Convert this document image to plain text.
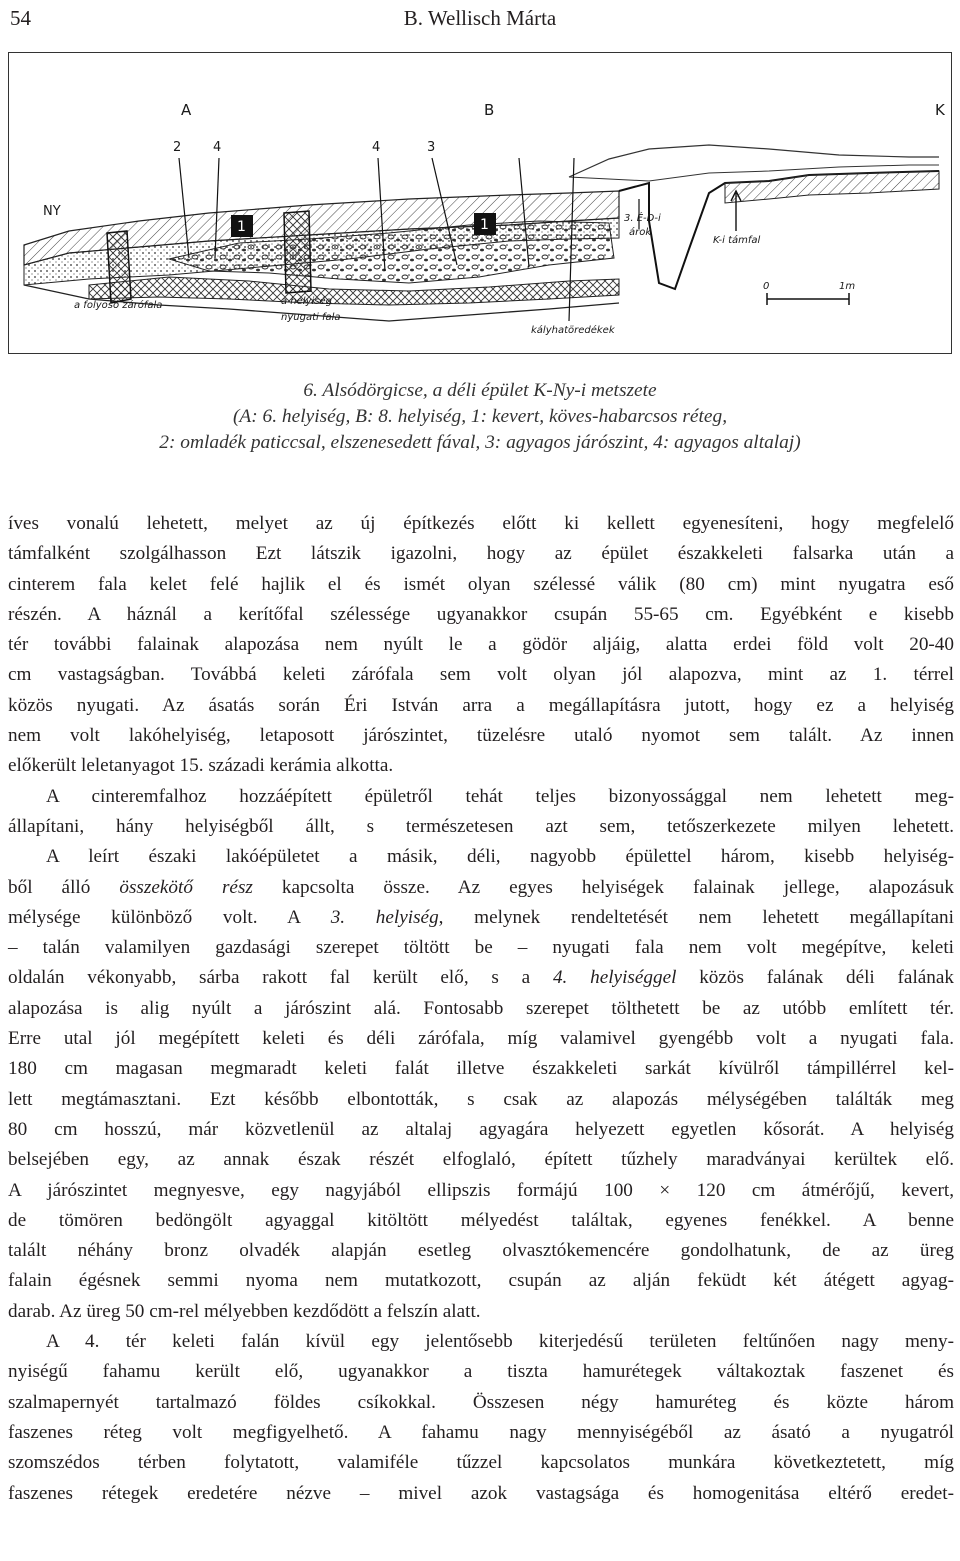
54	B. Wellisch Márta
A	B	K
NY
2 4	4	3
1	1	3. É-D-i
árok
K-i támfal
a folyosó zárófala	a helyiség
nyugati fala
kályhatöredékek
0	1m
6. Alsódörgicse, a déli épület K-Ny-i metszete
(A: 6. helyiség, B: 8. helyiség, 1: kevert, köves-habarcsos réteg,
2: omladék paticcsal, elszenesedett fával, 3: agyagos járószint, 4: agyagos altalaj)

íves vonalú lehetett, melyet az új építkezés előtt ki kellett egyenesíteni, hogy megfelelő
támfalként szolgálhasson Ezt látszik igazolni, hogy az épület északkeleti falsarka után a
cinterem fala kelet felé hajlik el és ismét olyan szélessé válik (80 cm) mint nyugatra eső
részén. A háznál a kerítőfal szélessége ugyanakkor csupán 55-65 cm. Egyébként e kisebb
tér további falainak alapozása nem nyúlt le a gödör aljáig, alatta erdei föld volt 20-40
cm vastagságban. Továbbá keleti zárófala sem volt olyan jól alapozva, mint az 1. térrel
közös nyugati. Az ásatás során Éri István arra a megállapításra jutott, hogy ez a helyiség
nem volt lakóhelyiség, letaposott járószintet, tüzelésre utaló nyomot sem talált. Az innen
előkerült leletanyagot 15. századi kerámia alkotta.

A cinteremfalhoz hozzáépített épületről tehát teljes bizonyossággal nem lehetett meg-
állapítani, hány helyiségből állt, s természetesen azt sem, tetőszerkezete milyen lehetett.

A leírt északi lakóépületet a másik, déli, nagyobb épülettel három, kisebb helyiség-
ből álló összekötő rész kapcsolta össze. Az egyes helyiségek falainak jellege, alapozásuk
mélysége különböző volt. A 3. helyiség, melynek rendeltetését nem lehetett megállapítani
– talán valamilyen gazdasági szerepet töltött be – nyugati fala nem volt megépítve, keleti
oldalán vékonyabb, sárba rakott fal került elő, s a 4. helyiséggel közös falának déli falának
alapozása is alig nyúlt a járószint alá. Fontosabb szerepet tölthetett be az utóbb említett tér.
Erre utal jól megépített keleti és déli zárófala, míg valamivel gyengébb volt a nyugati fala.
180 cm magasan megmaradt keleti falát illetve északkeleti sarkát kívülről támpillérrel kel-
lett megtámasztani. Ezt később elbontották, s csak az alapozás mélységében találták meg
80 cm hosszú, már közvetlenül az altalaj agyagára helyezett egyetlen kősorát. A helyiség
belsejében egy, az annak észak részét elfoglaló, épített tűzhely maradványai kerültek elő.
A járószintet megnyesve, egy nagyjából ellipszis formájú 100 × 120 cm átmérőjű, kevert,
de tömören bedöngölt agyaggal kitöltött mélyedést találtak, egyenes fenékkel. A benne
talált néhány bronz olvadék alapján esetleg olvasztókemencére gondolhatunk, de az üreg
falain égésnek semmi nyoma nem mutatkozott, csupán az alján feküdt két átégett agyag-
darab. Az üreg 50 cm-rel mélyebben kezdődött a felszín alatt.

A 4. tér keleti falán kívül egy jelentősebb kiterjedésű területen feltűnően nagy meny-
nyiségű fahamu került elő, ugyanakkor a tiszta hamurétegek váltakoztak faszenet és
szalmapernyét tartalmazó földes csíkokkal. Összesen négy hamuréteg és közte három
faszenes réteg volt megfigyelhető. A fahamu nagy mennyiségéből az ásató a nyugatról
szomszédos térben folytatott, valamiféle tűzzel kapcsolatos munkára következtetett, míg
faszenes rétegek eredetére nézve – mivel azok vastagsága és homogenitása eltérő eredet-
